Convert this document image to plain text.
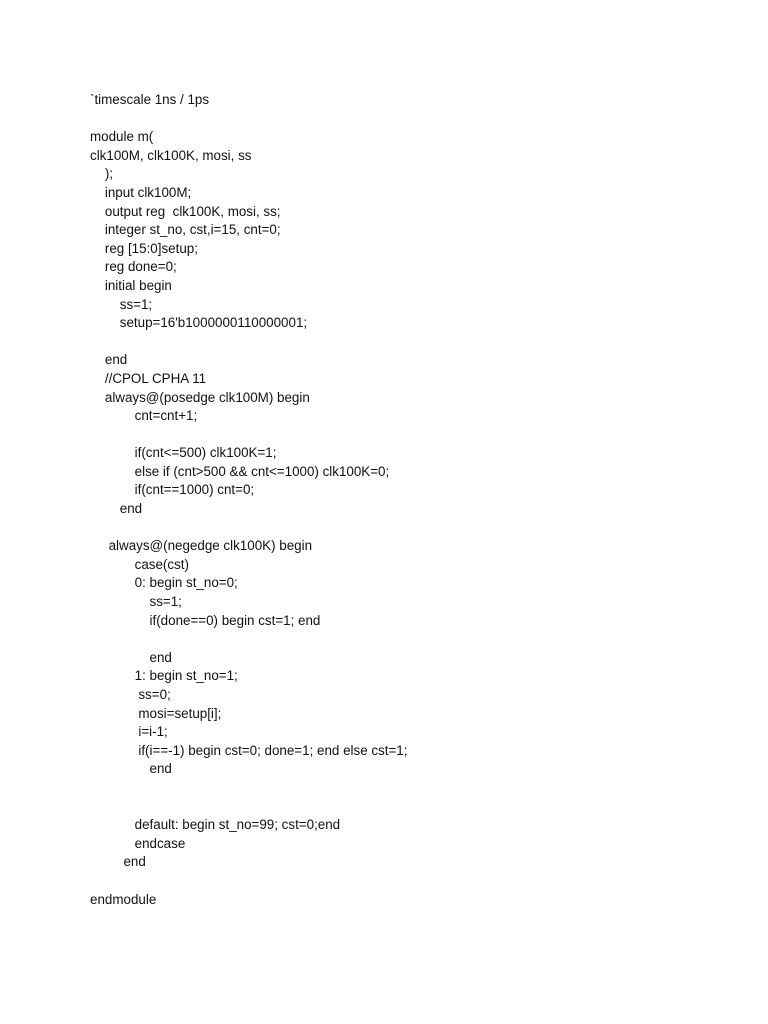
`timescale 1ns / 1ps
module m(
clk100M, clk100K, mosi, ss
);
input clk100M;
output reg  clk100K, mosi, ss;
integer st_no, cst,i=15, cnt=0;
reg [15:0]setup;
reg done=0;
initial begin
ss=1;
setup=16'b1000000110000001;
end
//CPOL CPHA 11
always@(posedge clk100M) begin
cnt=cnt+1;
if(cnt<=500) clk100K=1;
else if (cnt>500 && cnt<=1000) clk100K=0;
if(cnt==1000) cnt=0;
end
always@(negedge clk100K) begin
case(cst)
0: begin st_no=0;
ss=1;
if(done==0) begin cst=1; end
end
1: begin st_no=1;
ss=0;
mosi=setup[i];
i=i-1;
if(i==-1) begin cst=0; done=1; end else cst=1;
end
default: begin st_no=99; cst=0;end
endcase
end
endmodule
